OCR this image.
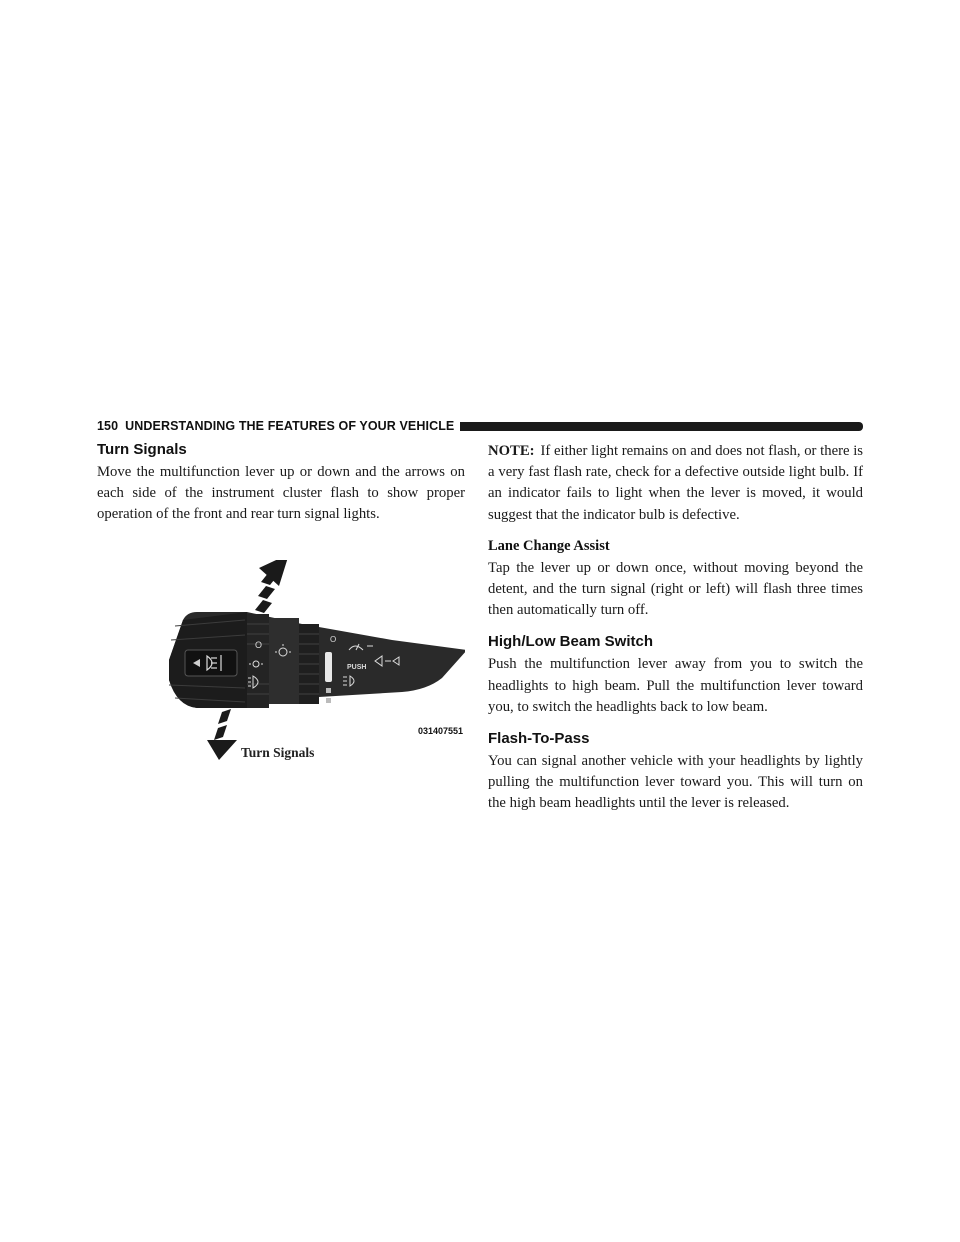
150 UNDERSTANDING THE FEATURES OF YOUR VEHICLE
Turn Signals

Move the multifunction lever up or down and the arrows on each side of the instrument cluster flash to show proper operation of the front and rear turn signal lights.

O
O
PUSH
031407551
Turn Signals

NOTE: If either light remains on and does not flash, or there is a very fast flash rate, check for a defective outside light bulb. If an indicator fails to light when the lever is moved, it would suggest that the indicator bulb is defective.

Lane Change Assist

Tap the lever up or down once, without moving beyond the detent, and the turn signal (right or left) will flash three times then automatically turn off.

High/Low Beam Switch

Push the multifunction lever away from you to switch the headlights to high beam. Pull the multifunction lever toward you, to switch the headlights back to low beam.

Flash-To-Pass

You can signal another vehicle with your headlights by lightly pulling the multifunction lever toward you. This will turn on the high beam headlights until the lever is released.
